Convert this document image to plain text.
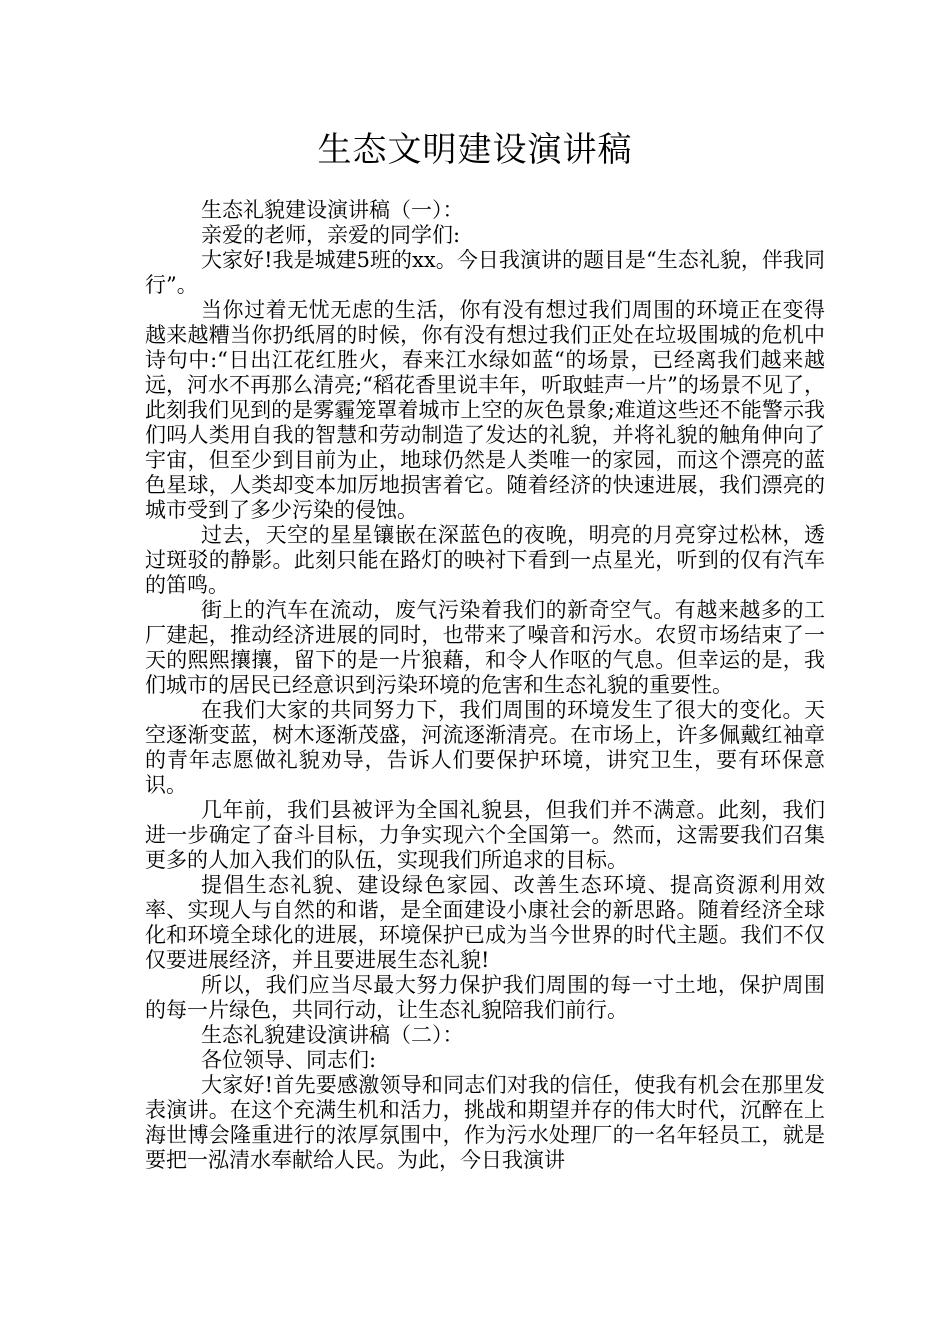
生态文明建设演讲稿

生态礼貌建设演讲稿（一）：

亲爱的老师，亲爱的同学们:

大家好!我是城建5班的xx。今日我演讲的题目是“生态礼貌，伴我同行”。

当你过着无忧无虑的生活，你有没有想过我们周围的环境正在变得越来越糟当你扔纸屑的时候，你有没有想过我们正处在垃圾围城的危机中诗句中:“日出江花红胜火，春来江水绿如蓝“的场景，已经离我们越来越远，河水不再那么清亮;“稻花香里说丰年，听取蛙声一片”的场景不见了，此刻我们见到的是雾霾笼罩着城市上空的灰色景象;难道这些还不能警示我们吗人类用自我的智慧和劳动制造了发达的礼貌，并将礼貌的触角伸向了宇宙，但至少到目前为止，地球仍然是人类唯一的家园，而这个漂亮的蓝色星球，人类却变本加厉地损害着它。随着经济的快速进展，我们漂亮的城市受到了多少污染的侵蚀。

过去，天空的星星镶嵌在深蓝色的夜晚，明亮的月亮穿过松林，透过斑驳的静影。此刻只能在路灯的映衬下看到一点星光，听到的仅有汽车的笛鸣。

街上的汽车在流动，废气污染着我们的新奇空气。有越来越多的工厂建起，推动经济进展的同时，也带来了噪音和污水。农贸市场结束了一天的熙熙攘攘，留下的是一片狼藉，和令人作呕的气息。但幸运的是，我们城市的居民已经意识到污染环境的危害和生态礼貌的重要性。

在我们大家的共同努力下，我们周围的环境发生了很大的变化。天空逐渐变蓝，树木逐渐茂盛，河流逐渐清亮。在市场上，许多佩戴红袖章的青年志愿做礼貌劝导，告诉人们要保护环境，讲究卫生，要有环保意识。

几年前，我们县被评为全国礼貌县，但我们并不满意。此刻，我们进一步确定了奋斗目标，力争实现六个全国第一。然而，这需要我们召集更多的人加入我们的队伍，实现我们所追求的目标。

提倡生态礼貌、建设绿色家园、改善生态环境、提高资源利用效率、实现人与自然的和谐，是全面建设小康社会的新思路。随着经济全球化和环境全球化的进展，环境保护已成为当今世界的时代主题。我们不仅仅要进展经济，并且要进展生态礼貌!

所以，我们应当尽最大努力保护我们周围的每一寸土地，保护周围的每一片绿色，共同行动，让生态礼貌陪我们前行。

生态礼貌建设演讲稿（二）：

各位领导、同志们:

大家好!首先要感激领导和同志们对我的信任，使我有机会在那里发表演讲。在这个充满生机和活力，挑战和期望并存的伟大时代，沉醉在上海世博会隆重进行的浓厚氛围中，作为污水处理厂的一名年轻员工，就是要把一泓清水奉献给人民。为此，今日我演讲
